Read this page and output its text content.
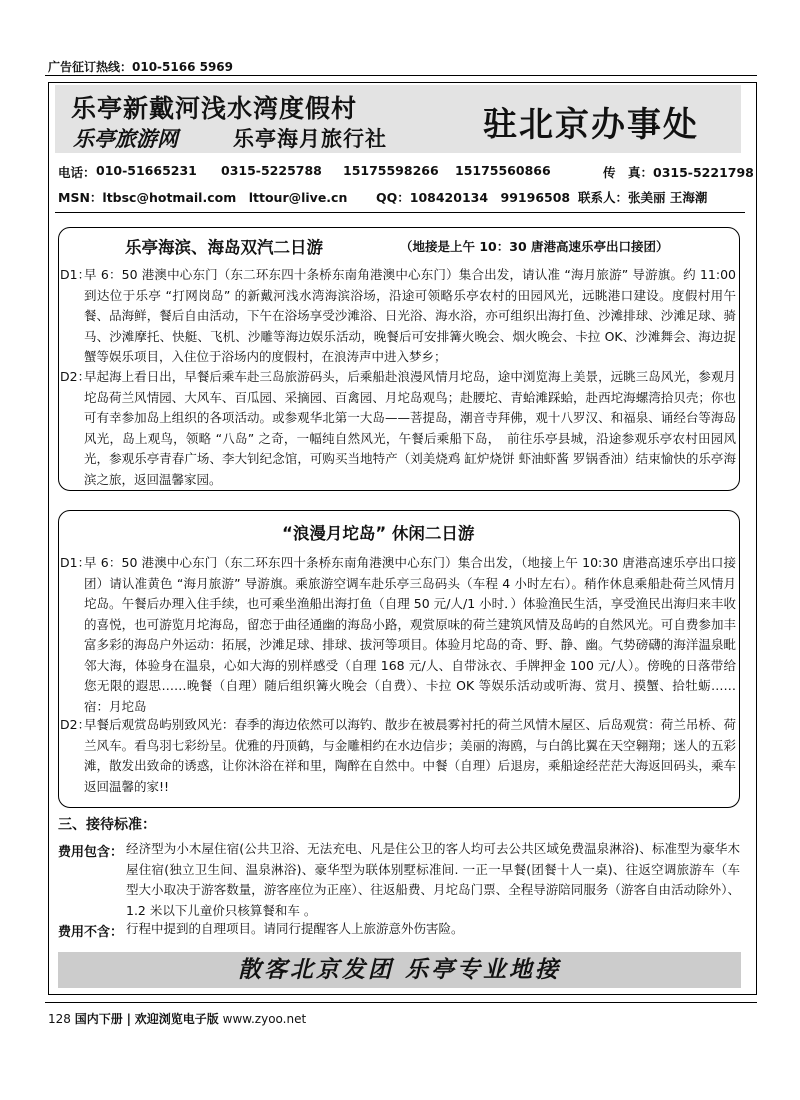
广告征订热线：010-5166 5969
乐亭新戴河浅水湾度假村
乐亭旅游网	乐亭海月旅行社	驻北京办事处
电话： 010-51665231 0315-5225788 15175598266 15175560866	传　真：0315-5221798
MSN：ltbsc@hotmail.com　lttour@live.cn QQ：108420134　99196508 联系人：张美丽 王海潮
乐亭海滨、海岛双汽二日游	（地接是上午 10：30 唐港高速乐亭出口接团）
D1：
早 6：50 港澳中心东门（东二环东四十条桥东南角港澳中心东门）集合出发，请认准 “海月旅游” 导游旗。约 11:00 到达位于乐亭 “打网岗岛” 的新戴河浅水湾海滨浴场，沿途可领略乐亭农村的田园风光，远眺港口建设。度假村用午餐、品海鲜，餐后自由活动，下午在浴场享受沙滩浴、日光浴、海水浴，亦可组织出海打鱼、沙滩排球、沙滩足球、骑马、沙滩摩托、快艇、飞机、沙雕等海边娱乐活动，晚餐后可安排篝火晚会、烟火晚会、卡拉 OK、沙滩舞会、海边捉蟹等娱乐项目，入住位于浴场内的度假村，在浪涛声中进入梦乡；
D2：
早起海上看日出，早餐后乘车赴三岛旅游码头，后乘船赴浪漫风情月坨岛，途中浏览海上美景，远眺三岛风光，参观月坨岛荷兰风情园、大风车、百瓜园、采摘园、百禽园、月坨岛观鸟；赴腰坨、青蛤滩踩蛤，赴西坨海螺湾拾贝壳；你也可有幸参加岛上组织的各项活动。或参观华北第一大岛——菩提岛，潮音寺拜佛，观十八罗汉、和福泉、诵经台等海岛风光，岛上观鸟，领略 “八岛” 之奇，一幅纯自然风光，午餐后乘船下岛，　前往乐亭县城，沿途参观乐亭农村田园风光，参观乐亭青春广场、李大钊纪念馆，可购买当地特产（刘美烧鸡 缸炉烧饼 虾油虾酱 罗锅香油）结束愉快的乐亭海滨之旅，返回温馨家园。
“浪漫月坨岛” 休闲二日游
D1：
早 6：50 港澳中心东门（东二环东四十条桥东南角港澳中心东门）集合出发，（地接上午 10:30 唐港高速乐亭出口接团）请认准黄色 “海月旅游” 导游旗。乘旅游空调车赴乐亭三岛码头（车程 4 小时左右）。稍作休息乘船赴荷兰风情月坨岛。午餐后办理入住手续，也可乘坐渔船出海打鱼（自理 50 元/人/1 小时．）体验渔民生活，享受渔民出海归来丰收的喜悦，也可游览月坨海岛，留恋于曲径通幽的海岛小路，观赏原味的荷兰建筑风情及岛屿的自然风光。可自费参加丰富多彩的海岛户外运动：拓展，沙滩足球、排球、拔河等项目。体验月坨岛的奇、野、静、幽。气势磅礴的海洋温泉毗邻大海，体验身在温泉，心如大海的别样感受（自理 168 元/人、自带泳衣、手牌押金 100 元/人）。傍晚的日落带给您无限的遐思……晚餐（自理）随后组织篝火晚会（自费）、卡拉 OK 等娱乐活动或听海、赏月、摸蟹、拾牡蛎……宿：月坨岛
D2：
早餐后观赏岛屿别致风光：春季的海边依然可以海钓、散步在被晨雾衬托的荷兰风情木屋区、后岛观赏：荷兰吊桥、荷兰风车。看鸟羽七彩纷呈。优雅的丹顶鹤，与金雕相约在水边信步；美丽的海鸥，与白鸽比翼在天空翱翔；迷人的五彩滩，散发出致命的诱惑，让你沐浴在祥和里，陶醉在自然中。中餐（自理）后退房，乘船途经茫茫大海返回码头，乘车返回温馨的家!!
三、接待标准：
费用包含： 经济型为小木屋住宿(公共卫浴、无法充电、凡是住公卫的客人均可去公共区域免费温泉淋浴)、标准型为豪华木屋住宿(独立卫生间、温泉淋浴)、豪华型为联体别墅标准间. 一正一早餐(团餐十人一桌)、往返空调旅游车（车型大小取决于游客数量，游客座位为正座）、往返船费、月坨岛门票、全程导游陪同服务（游客自由活动除外）、1.2 米以下儿童价只核算餐和车 。
费用不含： 行程中提到的自理项目。请同行提醒客人上旅游意外伤害险。
散客北京发团 乐亭专业地接
128 国内下册 | 欢迎浏览电子版 www.zyoo.net
